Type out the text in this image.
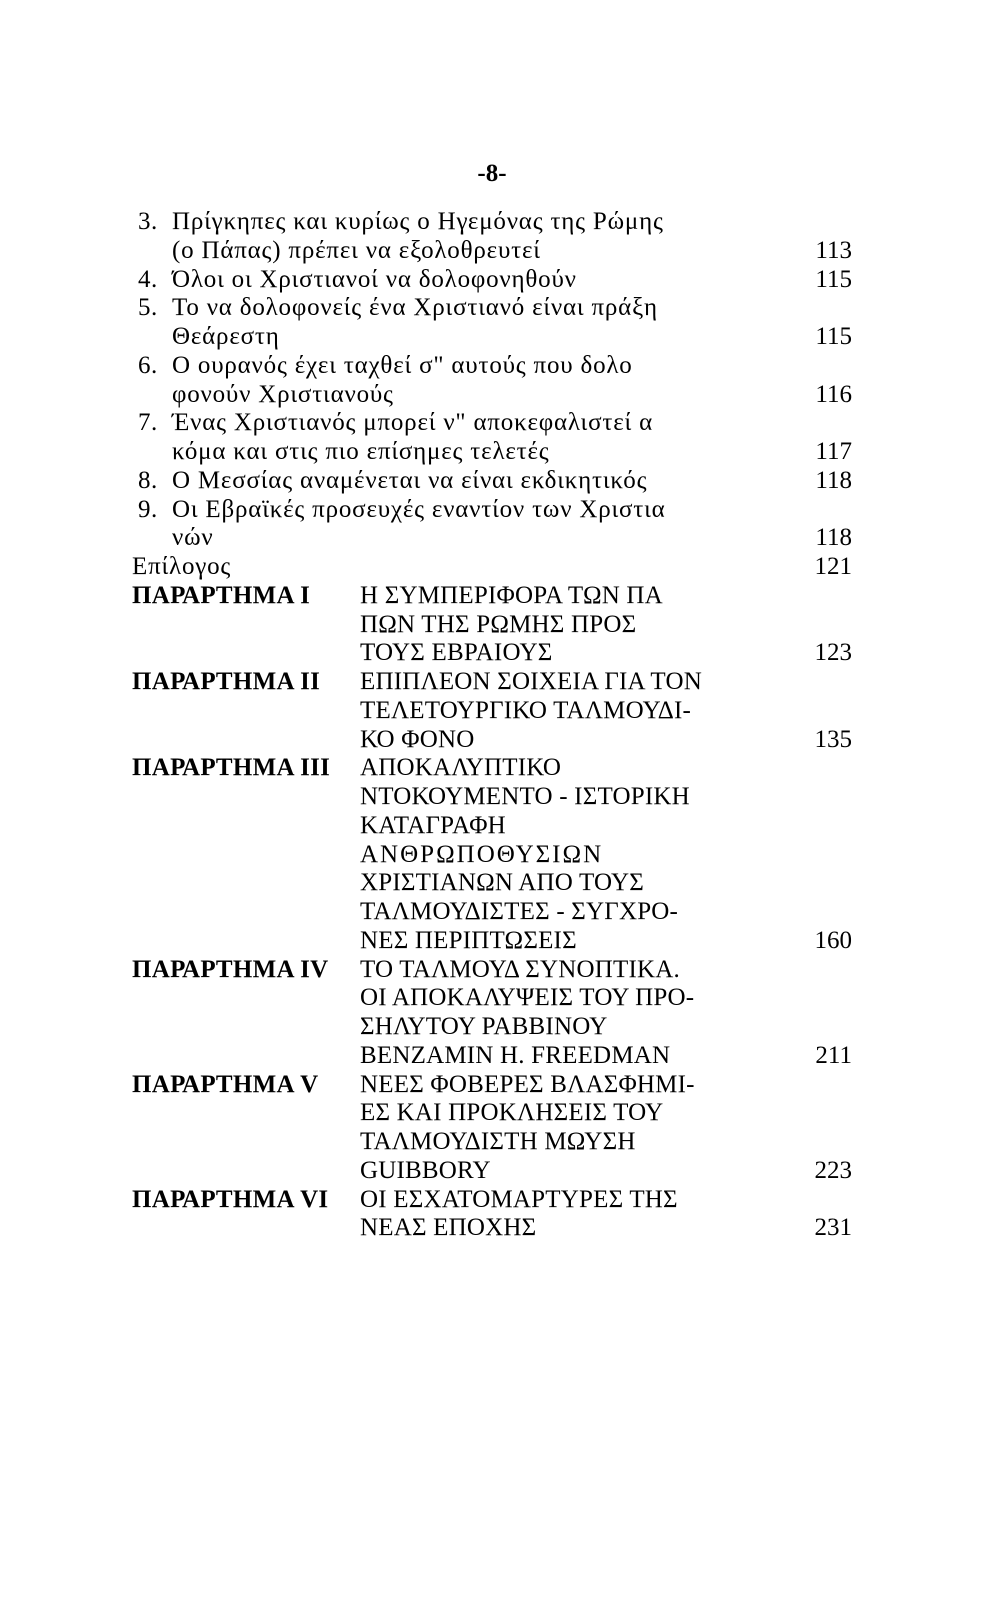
-8-
3. Πρίγκηπες και κυρίως ο Ηγεμόνας της Ρώμης
(ο Πάπας) πρέπει να εξολοθρευτεί	113
4. Όλοι οι Χριστιανοί να δολοφονηθούν	115
5. Το να δολοφονείς ένα Χριστιανό είναι πράξη
Θεάρεστη	115
6. Ο ουρανός έχει ταχθεί σ" αυτούς που δολο
φονούν Χριστιανούς	116
7. Ένας Χριστιανός μπορεί ν" αποκεφαλιστεί α
κόμα και στις πιο επίσημες τελετές	117
8. Ο Μεσσίας αναμένεται να είναι εκδικητικός	118
9. Οι Εβραϊκές προσευχές εναντίον των Χριστια
νών	118
Επίλογος	121
ΠΑΡΑΡΤΗΜΑ Ι Η ΣΥΜΠΕΡΙΦΟΡΑ ΤΩΝ ΠΑ
ΠΩΝ ΤΗΣ ΡΩΜΗΣ ΠΡΟΣ
ΤΟΥΣ ΕΒΡΑΙΟΥΣ	123
ΠΑΡΑΡΤΗΜΑ ΙΙ ΕΠΙΠΛΕΟΝ ΣΟΙΧΕΙΑ ΓΙΑ ΤΟΝ
ΤΕΛΕΤΟΥΡΓΙΚΟ ΤΑΛΜΟΥΔΙ-
ΚΟ ΦΟΝΟ	135
ΠΑΡΑΡΤΗΜΑ ΙΙΙ ΑΠΟΚΑΛΥΠΤΙΚΟ
ΝΤΟΚΟΥΜΕΝΤΟ - ΙΣΤΟΡΙΚΗ
ΚΑΤΑΓΡΑΦΗ
ΑΝΘΡΩΠΟΘΥΣΙΩΝ
ΧΡΙΣΤΙΑΝΩΝ ΑΠΟ ΤΟΥΣ
ΤΑΛΜΟΥΔΙΣΤΕΣ - ΣΥΓΧΡΟ-
ΝΕΣ ΠΕΡΙΠΤΩΣΕΙΣ	160
ΠΑΡΑΡΤΗΜΑ ΙV ΤΟ ΤΑΛΜΟΥΔ ΣΥΝΟΠΤΙΚΑ.
ΟΙ ΑΠΟΚΑΛΥΨΕΙΣ ΤΟΥ ΠΡΟ-
ΣΗΛΥΤΟΥ ΡΑΒΒΙΝΟΥ
BENZAMIN H. FREEDMAN	211
ΠΑΡΑΡΤΗΜΑ V ΝΕΕΣ ΦΟΒΕΡΕΣ ΒΛΑΣΦΗΜΙ-
ΕΣ ΚΑΙ ΠΡΟΚΛΗΣΕΙΣ ΤΟΥ
ΤΑΛΜΟΥΔΙΣΤΗ ΜΩΥΣΗ
GUIBBORY	223
ΠΑΡΑΡΤΗΜΑ VΙ ΟΙ ΕΣΧΑΤΟΜΑΡΤΥΡΕΣ ΤΗΣ
ΝΕΑΣ ΕΠΟΧΗΣ	231
